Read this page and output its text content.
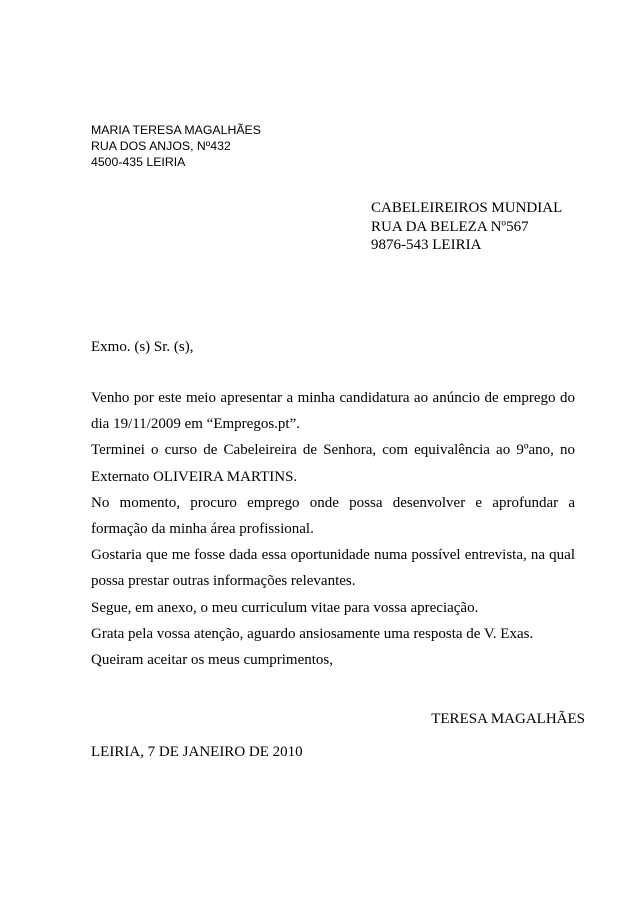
MARIA TERESA MAGALHÃES
RUA DOS ANJOS, Nº432
4500-435 LEIRIA
CABELEIREIROS MUNDIAL
RUA DA BELEZA Nº567
9876-543 LEIRIA
Exmo. (s) Sr. (s),
Venho por este meio apresentar a minha candidatura ao anúncio de emprego do dia 19/11/2009 em “Empregos.pt”.
Terminei o curso de Cabeleireira de Senhora, com equivalência ao 9ºano, no Externato OLIVEIRA MARTINS.
No momento, procuro emprego onde possa desenvolver e aprofundar a formação da minha área profissional.
Gostaria que me fosse dada essa oportunidade numa possível entrevista, na qual possa prestar outras informações relevantes.
Segue, em anexo, o meu curriculum vitae para vossa apreciação.
Grata pela vossa atenção, aguardo ansiosamente uma resposta de V. Exas.
Queiram aceitar os meus cumprimentos,
TERESA MAGALHÃES
LEIRIA, 7 DE JANEIRO DE 2010
